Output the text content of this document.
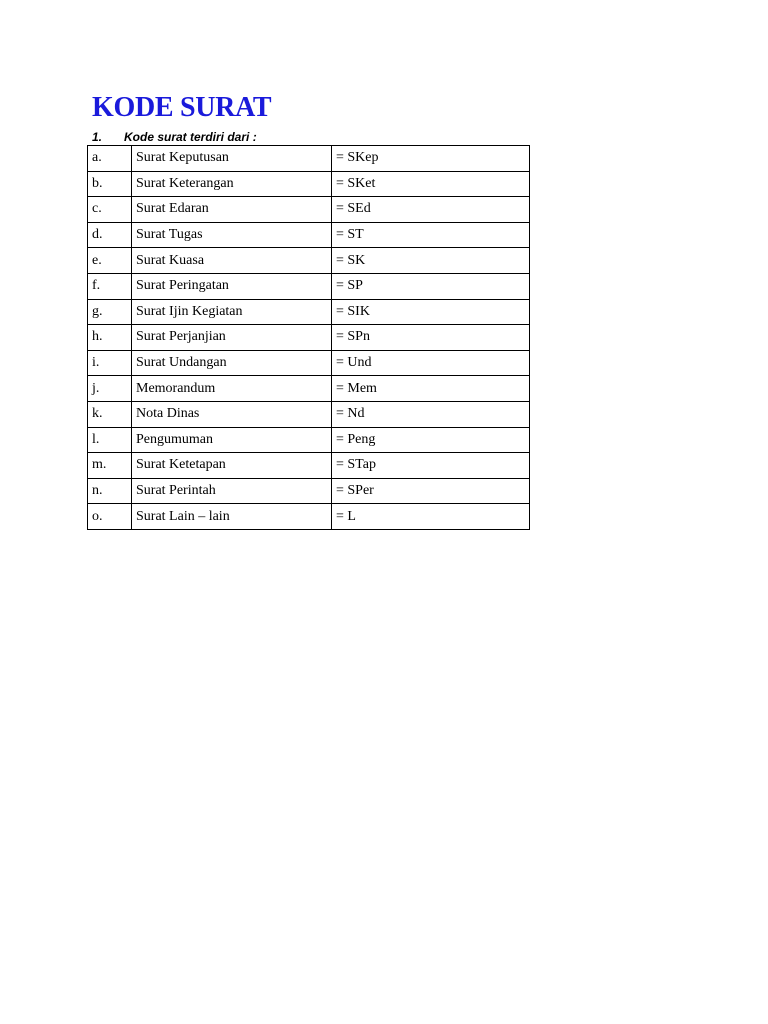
KODE SURAT
1. Kode surat terdiri dari :
a.	Surat Keputusan	= SKep
b.	Surat Keterangan	= SKet
c.	Surat Edaran	= SEd
d.	Surat Tugas	= ST
e.	Surat Kuasa	= SK
f.	Surat Peringatan	= SP
g.	Surat Ijin Kegiatan	= SIK
h.	Surat Perjanjian	= SPn
i.	Surat Undangan	= Und
j.	Memorandum	= Mem
k.	Nota Dinas	= Nd
l.	Pengumuman	= Peng
m.	Surat Ketetapan	= STap
n.	Surat Perintah	= SPer
o.	Surat Lain – lain	= L
